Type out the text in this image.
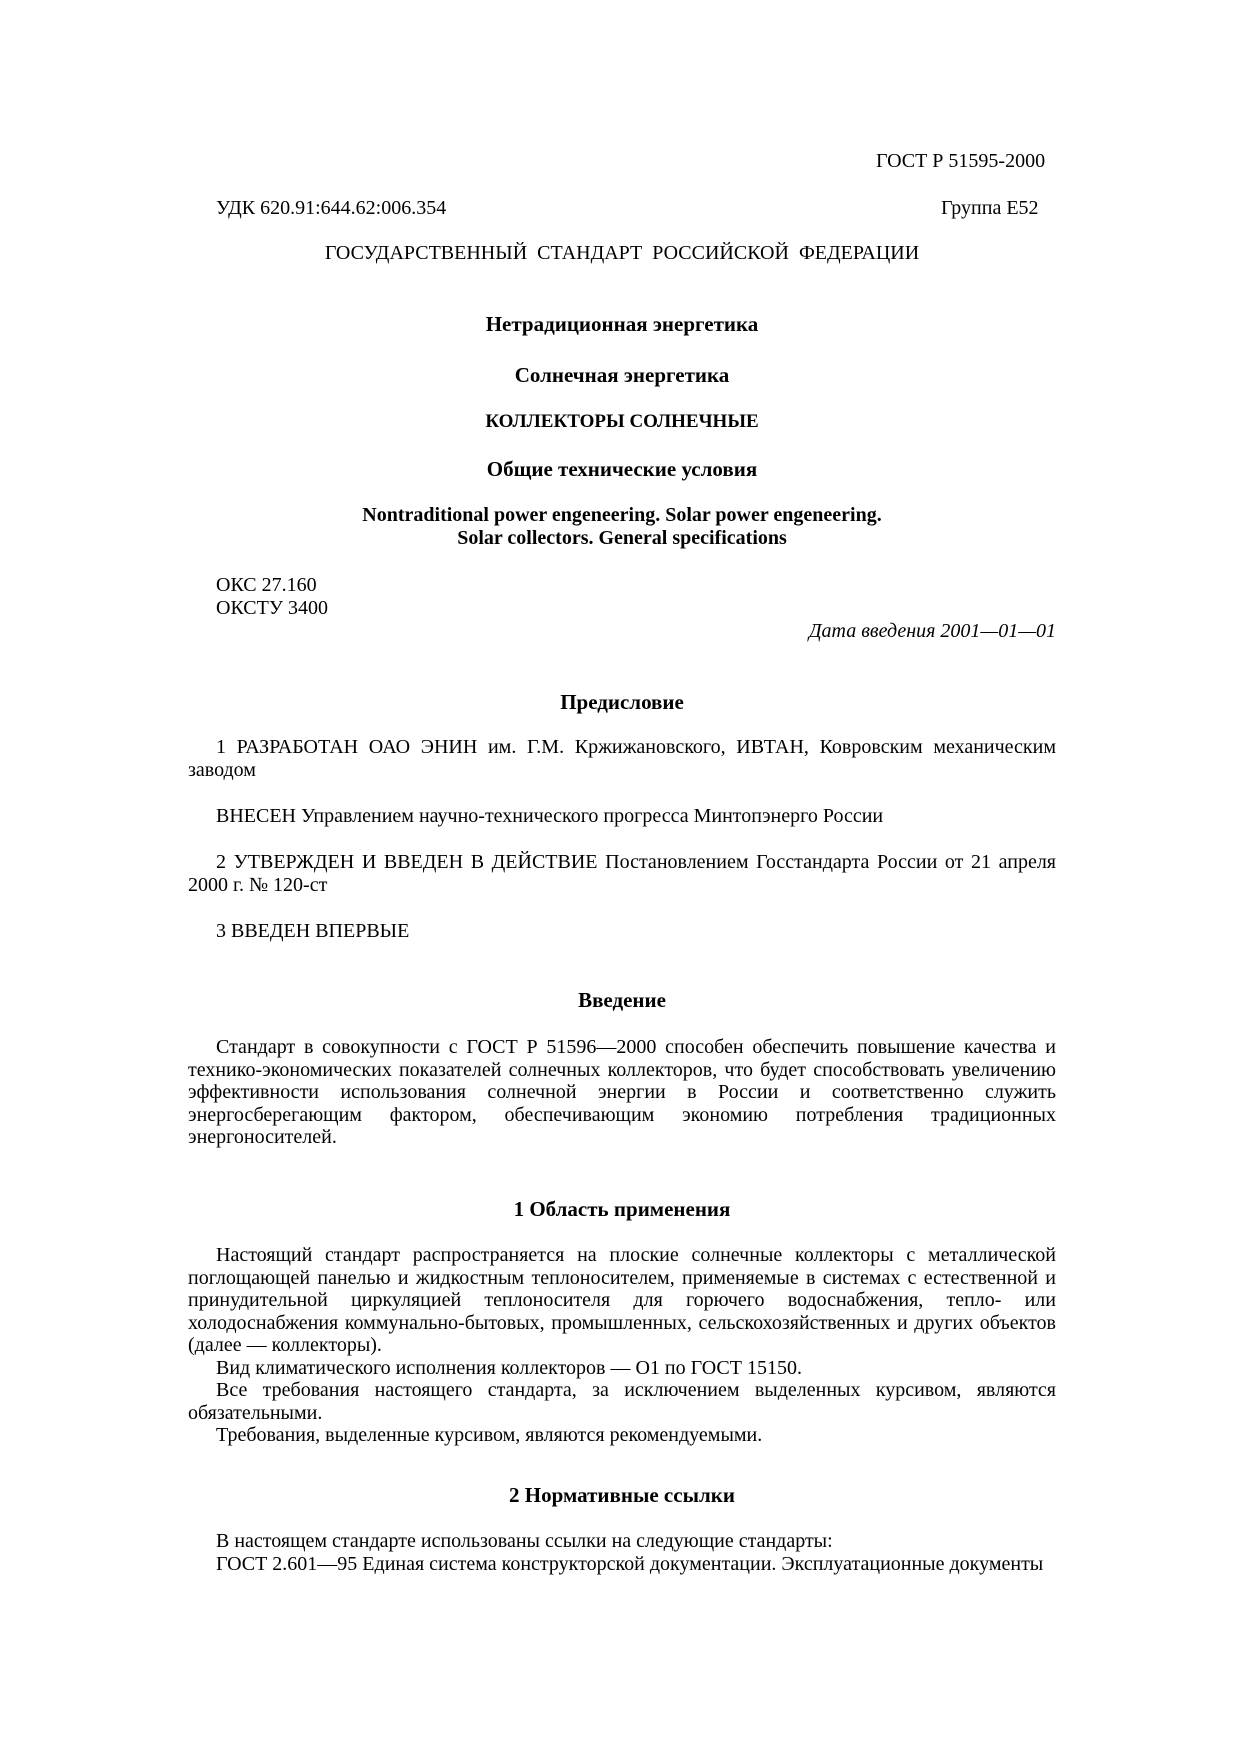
ГОСТ Р 51595-2000
УДК 620.91:644.62:006.354	Группа Е52
ГОСУДАРСТВЕННЫЙ  СТАНДАРТ  РОССИЙСКОЙ  ФЕДЕРАЦИИ
Нетрадиционная энергетика
Солнечная энергетика
КОЛЛЕКТОРЫ СОЛНЕЧНЫЕ
Общие технические условия
Nontraditional power engeneering. Solar power engeneering.
Solar collectors. General specifications
ОКС 27.160
ОКСТУ 3400
Дата введения 2001—01—01
Предисловие

1 РАЗРАБОТАН ОАО ЭНИН им. Г.М. Кржижановского, ИВТАН, Ковровским механическим заводом

ВНЕСЕН Управлением научно-технического прогресса Минтопэнерго России

2 УТВЕРЖДЕН И ВВЕДЕН В ДЕЙСТВИЕ Постановлением Госстандарта России от 21 апреля 2000 г. № 120-ст

3 ВВЕДЕН ВПЕРВЫЕ

Введение

Стандарт в совокупности с ГОСТ Р 51596—2000 способен обеспечить повышение качества и технико-экономических показателей солнечных коллекторов, что будет способствовать увеличению эффективности использования солнечной энергии в России и соответственно служить энергосберегающим фактором, обеспечивающим экономию потребления традиционных энергоносителей.

1 Область применения

Настоящий стандарт распространяется на плоские солнечные коллекторы с металлической поглощающей панелью и жидкостным теплоносителем, применяемые в системах с естественной и принудительной циркуляцией теплоносителя для горючего водоснабжения, тепло- или холодоснабжения коммунально-бытовых, промышленных, сельскохозяйственных и других объектов (далее — коллекторы).

Вид климатического исполнения коллекторов — О1 по ГОСТ 15150.

Все требования настоящего стандарта, за исключением выделенных курсивом, являются обязательными.

Требования, выделенные курсивом, являются рекомендуемыми.

2 Нормативные ссылки

В настоящем стандарте использованы ссылки на следующие стандарты:

ГОСТ 2.601—95 Единая система конструкторской документации. Эксплуатационные документы
